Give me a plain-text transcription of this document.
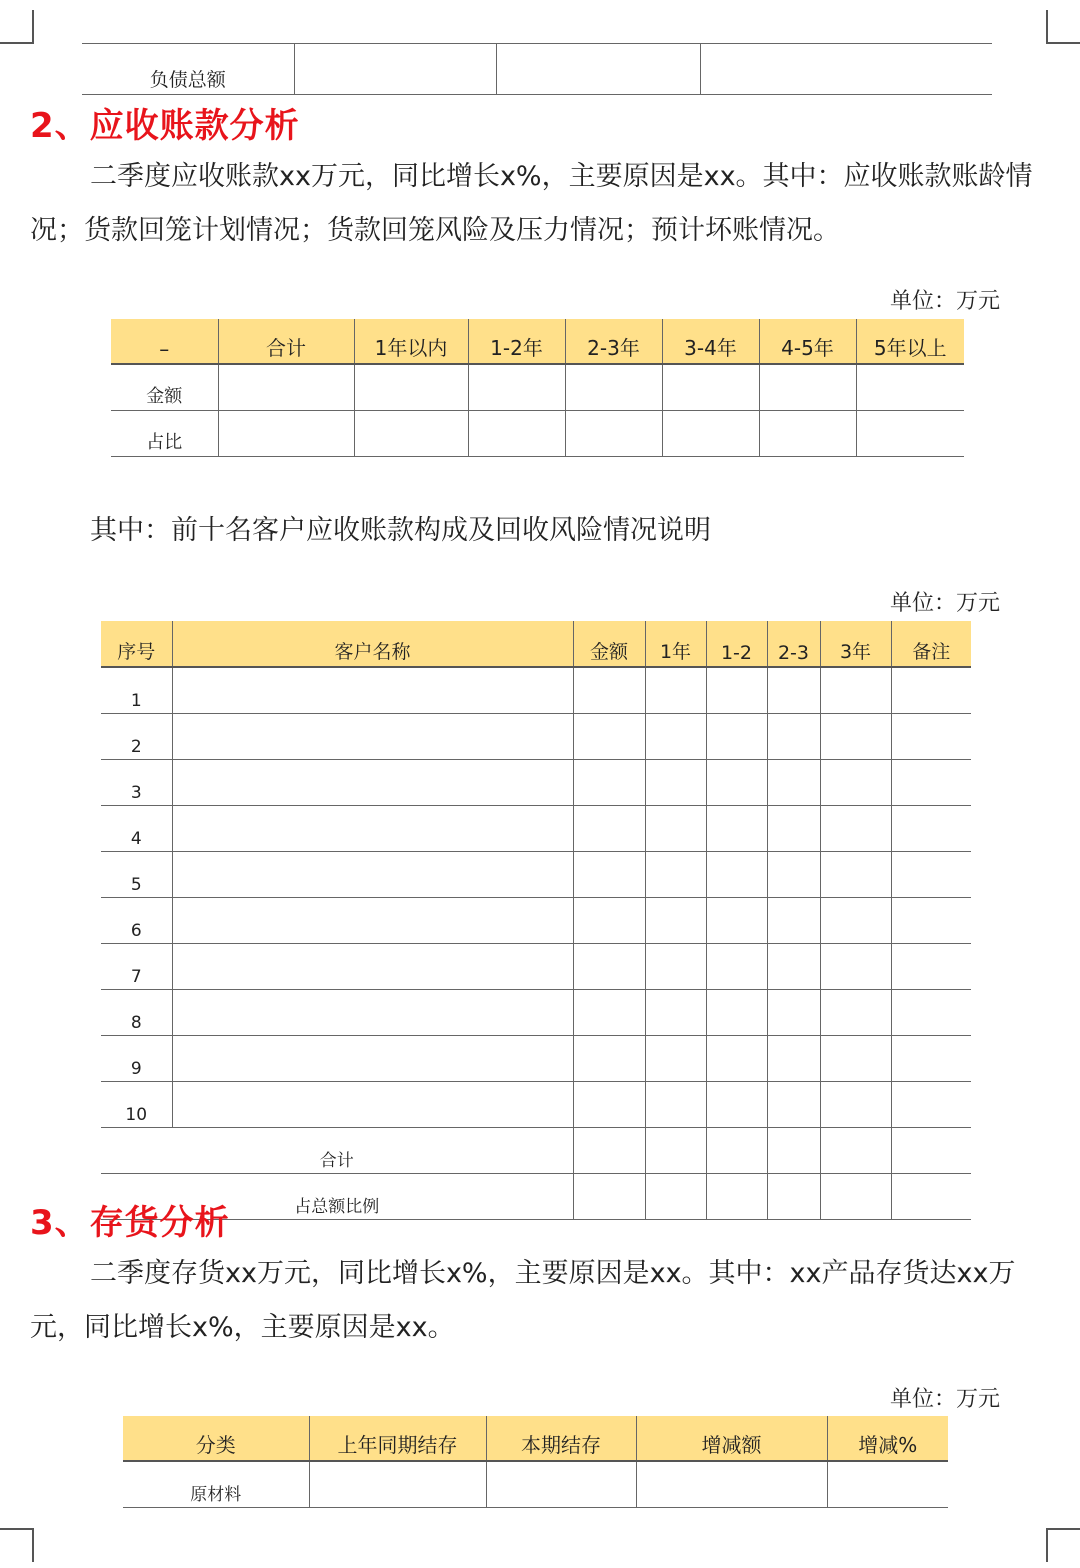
负债总额			
2、应收账款分析

二季度应收账款xx万元，同比增长x%，主要原因是xx。其中：应收账款账龄情况；货款回笼计划情况；货款回笼风险及压力情况；预计坏账情况。

单位：万元
–	合计	1年以内	1-2年	2-3年	3-4年	4-5年	5年以上
金额							
占比							
其中：前十名客户应收账款构成及回收风险情况说明
单位：万元
序号	客户名称	金额	1年	1-2	2-3	3年	备注
1							
2							
3							
4							
5							
6							
7							
8							
9							
10							
合计							
占总额比例							
3、存货分析

二季度存货xx万元，同比增长x%，主要原因是xx。其中：xx产品存货达xx万元，同比增长x%，主要原因是xx。

单位：万元
分类	上年同期结存	本期结存	增减额	增减%
原材料				
